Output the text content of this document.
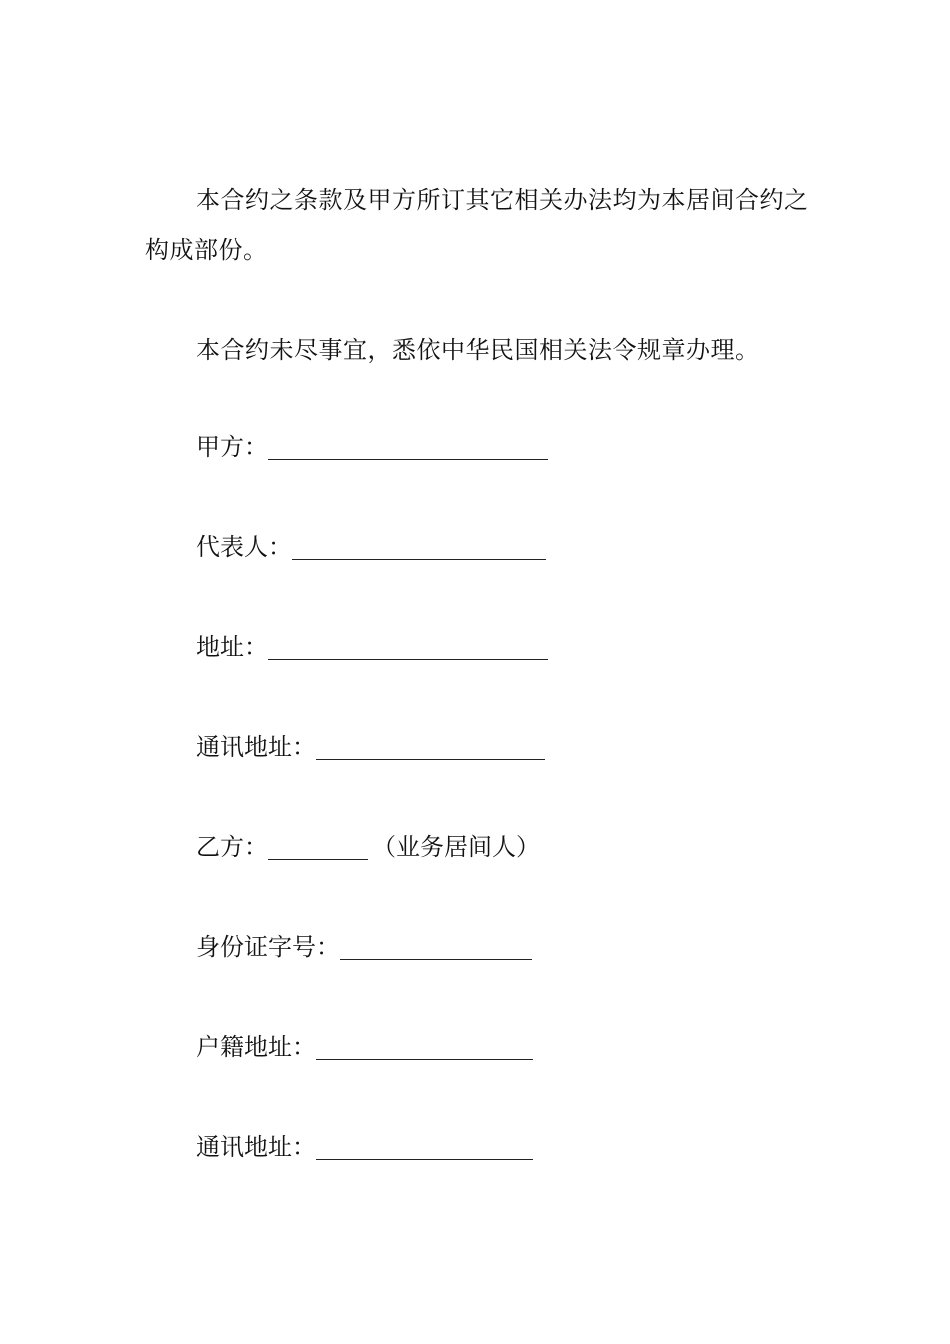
本合约之条款及甲方所订其它相关办法均为本居间合约之构成部份。

本合约未尽事宜，悉依中华民国相关法令规章办理。

甲方：
代表人：
地址：
通讯地址：
乙方：	（业务居间人）
身份证字号：
户籍地址：
通讯地址：
